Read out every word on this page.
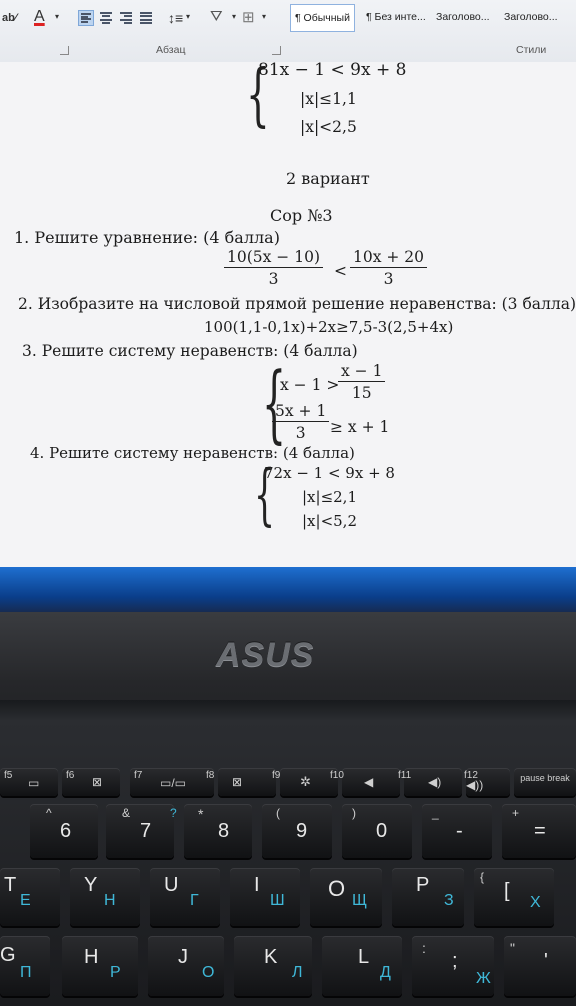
ab⁄ A ▾	↕≡ ▾ ⛛ ▾ ⊞ ▾	¶ Обычный	¶ Без инте... Заголово...	Заголово...
Абзац	Стили
{
81x − 1 < 9x + 8
|x|≤1,1
|x|<2,5
2 вариант
Сор №3
1. Решите уравнение: (4 балла)
$\frac{10(5x - 10)}{3} < \frac{10x + 20}{3}$
2. Изобразите на числовой прямой решение неравенства: (3 балла)
100(1,1-0,1x)+2x≥7,5-3(2,5+4x)
3. Решите систему неравенств: (4 балла)
{
x − 1 >
$\frac{x - 1}{15}$
$\frac{5x + 1}{3} \ge x + 1$
4. Решите систему неравенств: (4 балла)
{
72x − 1 < 9x + 8
|x|≤2,1
|x|<5,2
ASUS
f5
▭
f6 ⊠	f7
▭/▭
f8 ⊠	f9 ✲ f10 ◀ f11 ◀) f12
◀))	pause break
^
6
&	?
7
*
8
(
9
)
0
_
-
+
=
T
Е
Y
Н
U
Г
I
Ш O Щ
P
З
{
[
Х
G
П
H
Р
J
О
K
Л
L
Д
:
;
Ж
"
'
